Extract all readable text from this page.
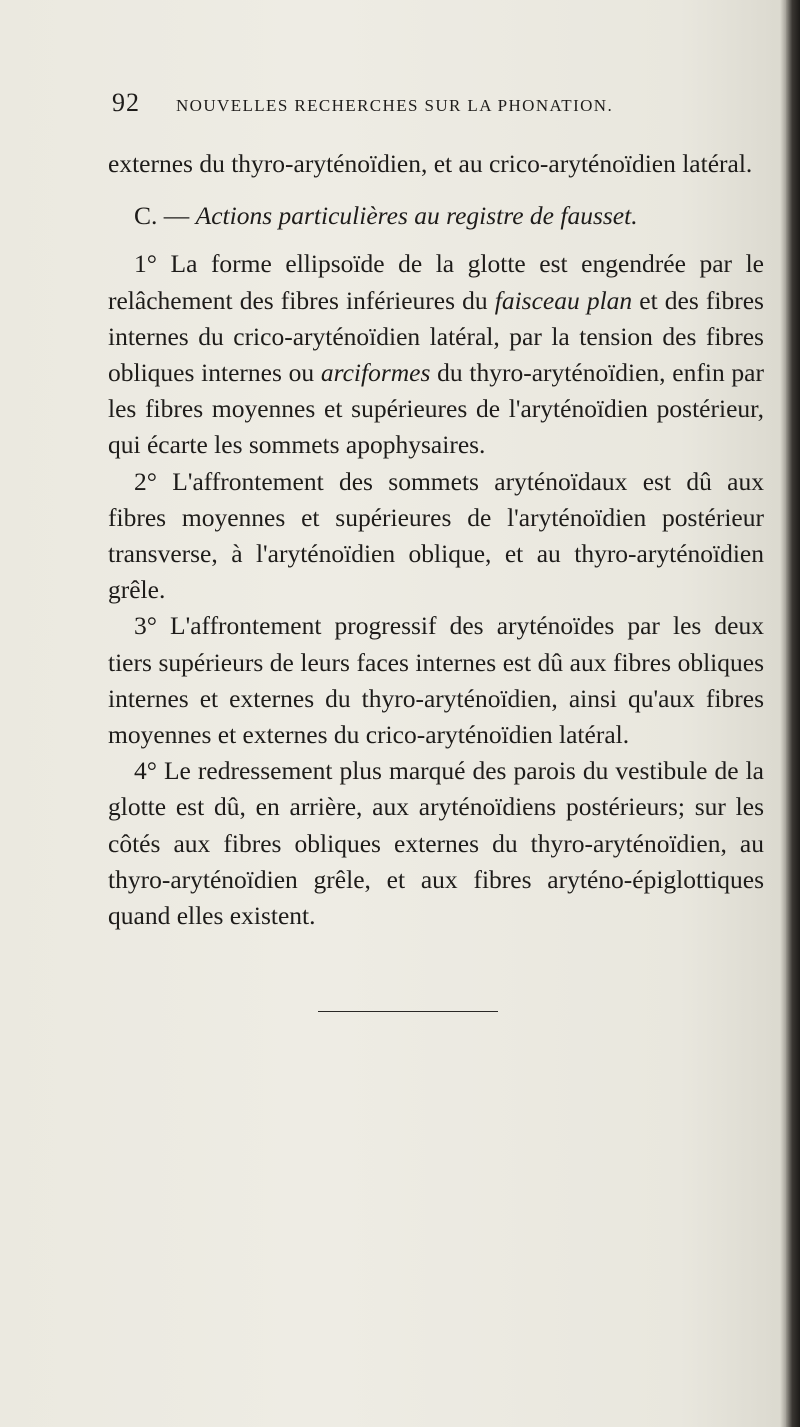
92 NOUVELLES RECHERCHES SUR LA PHONATION.

externes du thyro-aryténoïdien, et au crico-aryténoïdien latéral.

C. — Actions particulières au registre de fausset.

1° La forme ellipsoïde de la glotte est engendrée par le relâchement des fibres inférieures du faisceau plan et des fibres internes du crico-aryténoïdien latéral, par la tension des fibres obliques internes ou arciformes du thyro-aryténoïdien, enfin par les fibres moyennes et supérieures de l'aryténoïdien postérieur, qui écarte les sommets apophysaires.

2° L'affrontement des sommets aryténoïdaux est dû aux fibres moyennes et supérieures de l'aryténoïdien postérieur transverse, à l'aryténoïdien oblique, et au thyro-aryténoïdien grêle.

3° L'affrontement progressif des aryténoïdes par les deux tiers supérieurs de leurs faces internes est dû aux fibres obliques internes et externes du thyro-aryténoïdien, ainsi qu'aux fibres moyennes et externes du crico-aryténoïdien latéral.

4° Le redressement plus marqué des parois du vestibule de la glotte est dû, en arrière, aux aryténoïdiens postérieurs; sur les côtés aux fibres obliques externes du thyro-aryténoïdien, au thyro-aryténoïdien grêle, et aux fibres aryténo-épiglottiques quand elles existent.
